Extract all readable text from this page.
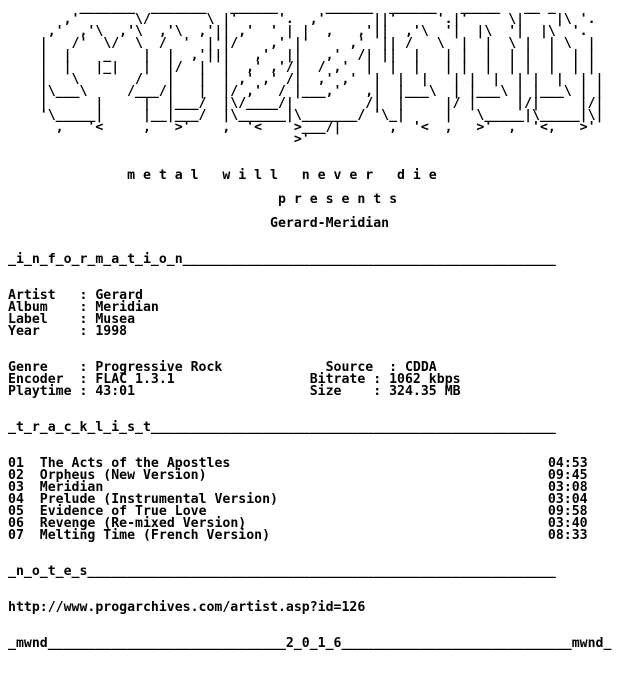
_______  _______   ______      ______  ______   _____   __ _
,'       \/       \ |'     '.  ,'      ||'     '.|'     \|    |\ '.
,'  ,'\  ,'\  ,'\  ,'|| ,'  ' | |  ,   ,'||  ,'\  '|  |\  '|  |\  '.
|   /'  \/  \  /  '  |'|/    ,' |'     ,'  || /   \  |  |  \ |  | \  |
|  |    _    |  |  ,'|||   ,'  ||   ,'  /| ||  |   | |  |  | |  |  | |
|  |   |_|   |  |/  |  |  ,' ,'/|  / ,'  |  |  |   | |  |  | |  |  | |
|   \       /   |   |  | ,' ,' /|  ,' ,'  |  |  |   | |  |  | |  |  | |
|\___\     /___/|   |  |/ ,'  / |___,'   ,|  |___\  | |___\ | |___\ | |
|      |     |  |___/  |\/____/|         /|  |     |/ |     |/|     |/|
'\_____|     |__|___/  |\______|\_______/ '\_|     |   \_____|\_____|\|
,   '<     ,   >'    ,  '<    >___/|      ,  '<  ,   >'  ,  '<,   >'
>'

m e t a l   w i l l   n e v e r   d i e

p r e s e n t s

Gerard-Meridian

_i_n_f_o_r_m_a_t_i_o_n_______________________________________________

Artist   : Gerard
Album    : Meridian
Label    : Musea
Year     : 1998

Genre    : Progressive Rock	Source  : CDDA
Encoder  : FLAC 1.3.1	Bitrate : 1062 kbps
Playtime : 43:01	Size    : 324.35 MB

_t_r_a_c_k_l_i_s_t___________________________________________________

01 The Acts of the Apostles	04:53
02 Orpheus (New Version)	09:45
03 Meridian	03:08
04 Prelude (Instrumental Version)	03:04
05 Evidence of True Love	09:58
06 Revenge (Re-mixed Version)	03:40
07 Melting Time (French Version)	08:33

_n_o_t_e_s___________________________________________________________

http://www.progarchives.com/artist.asp?id=126

_mwnd______________________________2_0_1_6_____________________________mwnd_
